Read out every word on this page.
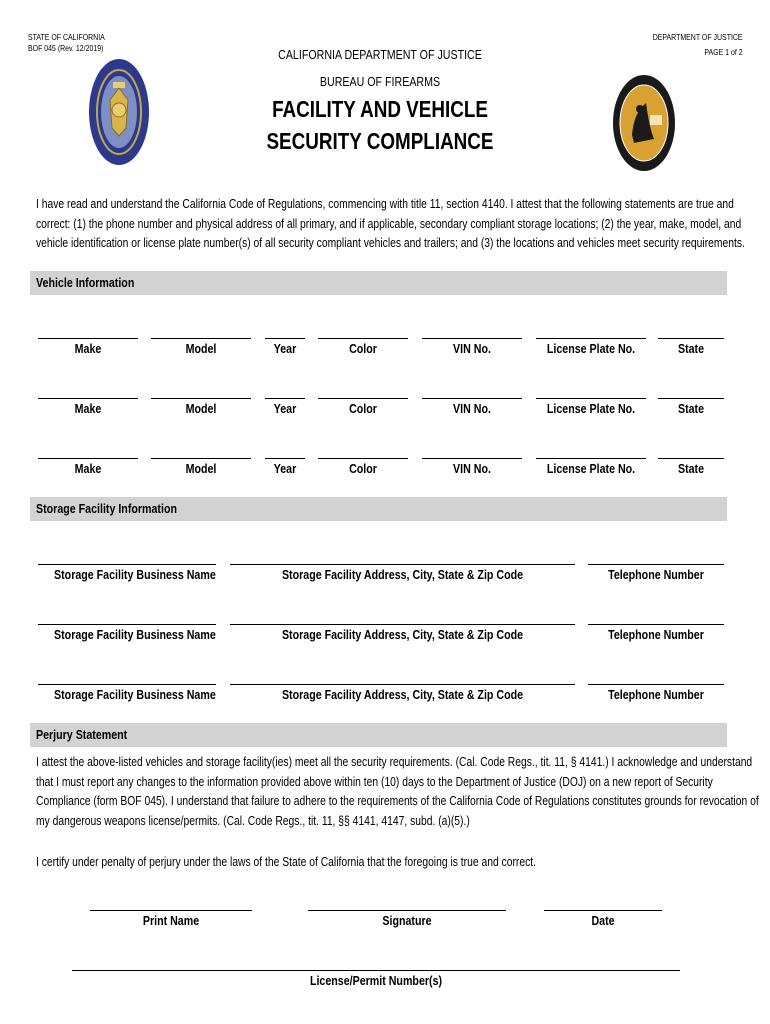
STATE OF CALIFORNIA
BOF 045 (Rev. 12/2019)
DEPARTMENT OF JUSTICE
PAGE 1 of 2
CALIFORNIA DEPARTMENT OF JUSTICE
BUREAU OF FIREARMS
FACILITY AND VEHICLE
SECURITY COMPLIANCE

I have read and understand the California Code of Regulations, commencing with title 11, section 4140. I attest that the following statements are true and

correct: (1) the phone number and physical address of all primary, and if applicable, secondary compliant storage locations; (2) the year, make, model, and

vehicle identification or license plate number(s) of all security compliant vehicles and trailers; and (3) the locations and vehicles meet security requirements.

Vehicle Information
Make	Model	Year	Color	VIN No.	License Plate No.	State
Make	Model	Year	Color	VIN No.	License Plate No.	State
Make	Model	Year	Color	VIN No.	License Plate No.	State
Storage Facility Information
Storage Facility Business Name	Storage Facility Address, City, State & Zip Code	Telephone Number
Storage Facility Business Name	Storage Facility Address, City, State & Zip Code	Telephone Number
Storage Facility Business Name	Storage Facility Address, City, State & Zip Code	Telephone Number
Perjury Statement

I attest the above-listed vehicles and storage facility(ies) meet all the security requirements. (Cal. Code Regs., tit. 11, § 4141.) I acknowledge and understand

that I must report any changes to the information provided above within ten (10) days to the Department of Justice (DOJ) on a new report of Security

Compliance (form BOF 045). I understand that failure to adhere to the requirements of the California Code of Regulations constitutes grounds for revocation of

my dangerous weapons license/permits. (Cal. Code Regs., tit. 11, §§ 4141, 4147, subd. (a)(5).)

I certify under penalty of perjury under the laws of the State of California that the foregoing is true and correct.

Print Name	Signature	Date
License/Permit Number(s)
